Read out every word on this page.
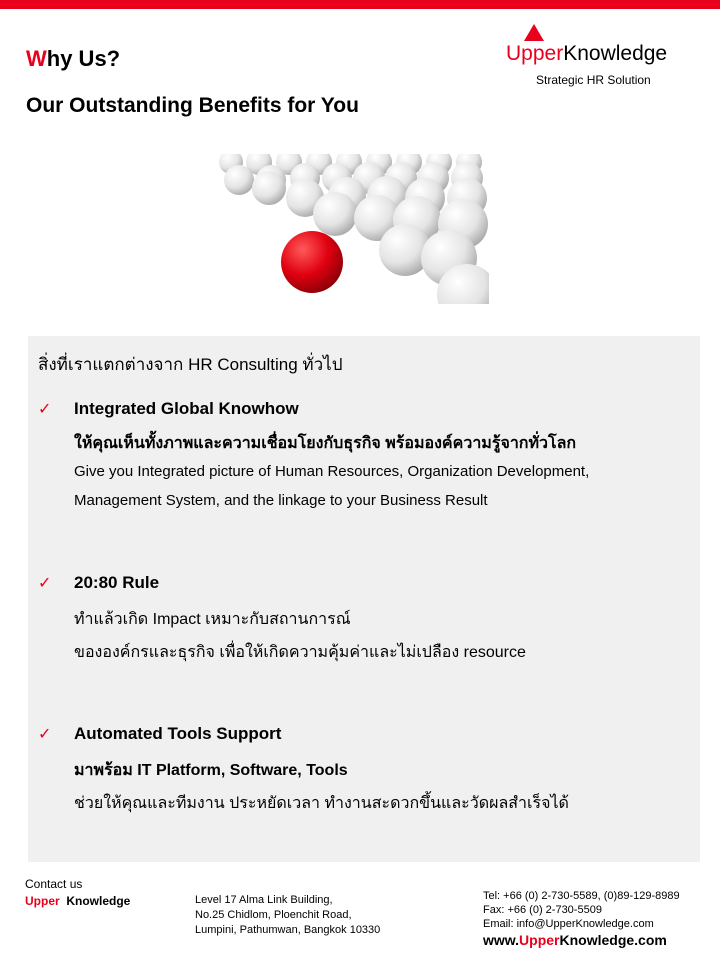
Why Us?
Our Outstanding Benefits for You
UpperKnowledge
Strategic HR Solution

สิ่งที่เราแตกต่างจาก HR Consulting ทั่วไป

✓ Integrated Global Knowhow
ให้คุณเห็นทั้งภาพและความเชื่อมโยงกับธุรกิจ พร้อมองค์ความรู้จากทั่วโลก
Give you Integrated picture of Human Resources, Organization Development,
Management System, and the linkage to your Business Result
✓ 20:80 Rule
ทำแล้วเกิด Impact เหมาะกับสถานการณ์
ขององค์กรและธุรกิจ เพื่อให้เกิดความคุ้มค่าและไม่เปลือง resource
✓ Automated Tools Support
มาพร้อม IT Platform, Software, Tools
ช่วยให้คุณและทีมงาน ประหยัดเวลา ทำงานสะดวกขึ้นและวัดผลสำเร็จได้
Contact us
Upper Knowledge	Level 17 Alma Link Building,
No.25 Chidlom, Ploenchit Road,
Lumpini, Pathumwan, Bangkok 10330
Tel: +66 (0) 2-730-5589, (0)89-129-8989
Fax: +66 (0) 2-730-5509
Email: info@UpperKnowledge.com
www.UpperKnowledge.com
